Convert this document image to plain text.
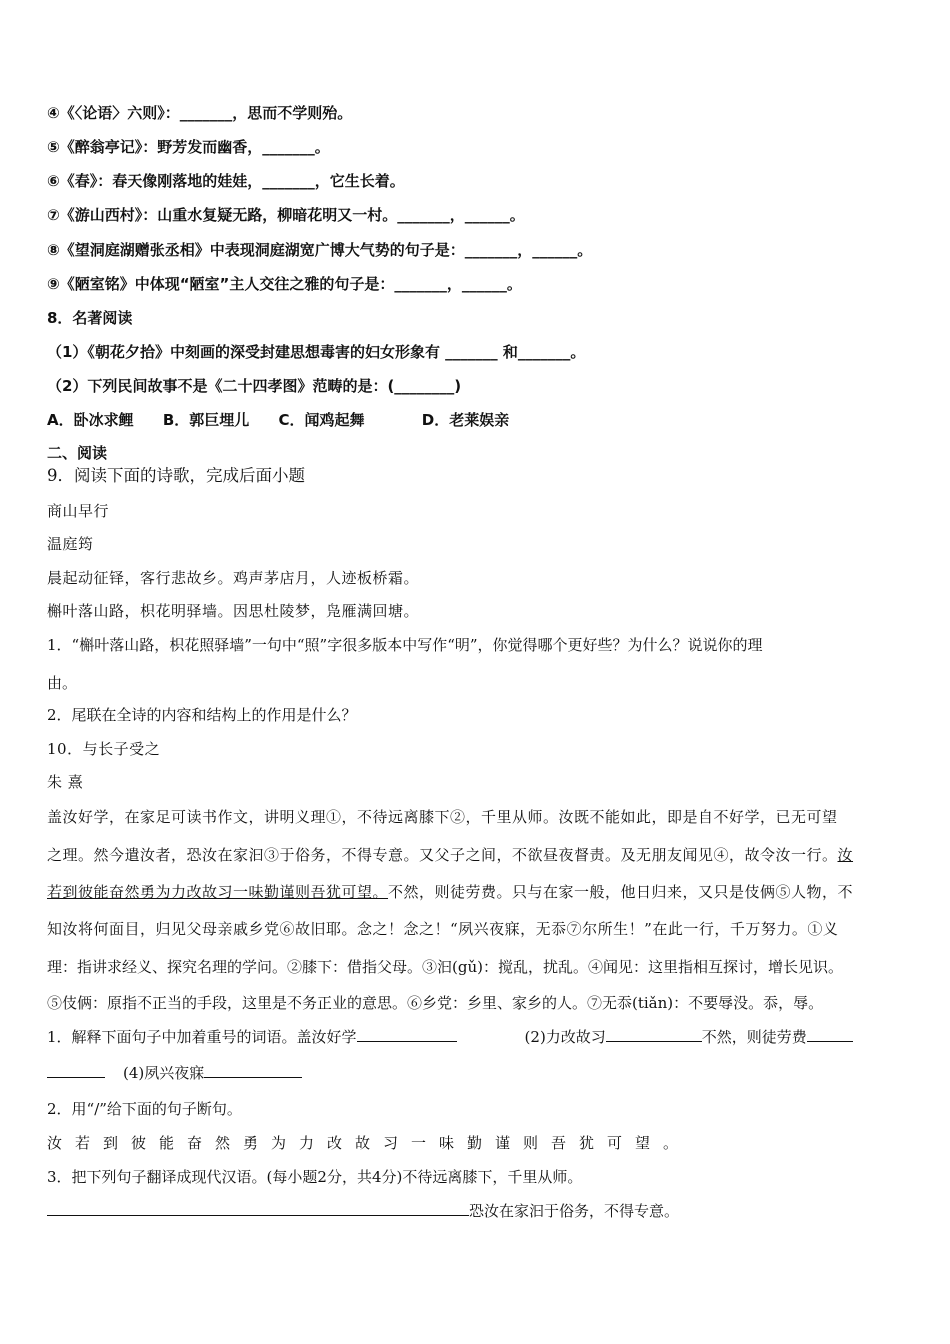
④《〈论语〉六则》：_______，思而不学则殆。
⑤《醉翁亭记》：野芳发而幽香，_______。
⑥《春》：春天像刚落地的娃娃，_______，它生长着。
⑦《游山西村》：山重水复疑无路，柳暗花明又一村。_______，______。
⑧《望洞庭湖赠张丞相》中表现洞庭湖宽广博大气势的句子是：_______，______。
⑨《陋室铭》中体现“陋室”主人交往之雅的句子是：_______，______。
8．名著阅读
（1）《朝花夕拾》中刻画的深受封建思想毒害的妇女形象有 _______ 和_______。
（2）下列民间故事不是《二十四孝图》范畴的是：(________)
A．卧冰求鲤 B．郭巨埋儿 C．闻鸡起舞	D．老莱娱亲
二、阅读
9．阅读下面的诗歌，完成后面小题
商山早行
温庭筠
晨起动征铎，客行悲故乡。鸡声茅店月，人迹板桥霜。
槲叶落山路，枳花明驿墙。因思杜陵梦，凫雁满回塘。
1．“槲叶落山路，枳花照驿墙”一句中“照”字很多版本中写作“明”，你觉得哪个更好些？为什么？说说你的理
由。
2．尾联在全诗的内容和结构上的作用是什么？
10．与长子受之
朱 熹
盖汝好学，在家足可读书作文，讲明义理①，不待远离膝下②，千里从师。汝既不能如此，即是自不好学，已无可望
之理。然今遣汝者，恐汝在家汩③于俗务，不得专意。又父子之间，不欲昼夜督责。及无朋友闻见④，故令汝一行。汝
若到彼能奋然勇为力改故习一味勤谨则吾犹可望。不然，则徒劳费。只与在家一般，他日归来，又只是伎俩⑤人物，不
知汝将何面目，归见父母亲戚乡党⑥故旧耶。念之！念之！“夙兴夜寐，无忝⑦尔所生！”在此一行，千万努力。①义
理：指讲求经义、探究名理的学问。②膝下：借指父母。③汩(gǔ)：搅乱，扰乱。④闻见：这里指相互探讨，增长见识。
⑤伎俩：原指不正当的手段，这里是不务正业的意思。⑥乡党：乡里、家乡的人。⑦无忝(tiǎn)：不要辱没。忝，辱。
1．解释下面句子中加着重号的词语。盖汝好学	(2)力改故习	不然，则徒劳费
(4)夙兴夜寐
2．用“/”给下面的句子断句。
汝若到彼能奋然勇为力改故习一味勤谨则吾犹可望。
3．把下列句子翻译成现代汉语。(每小题2分，共4分)不待远离膝下，千里从师。
恐汝在家汩于俗务，不得专意。
